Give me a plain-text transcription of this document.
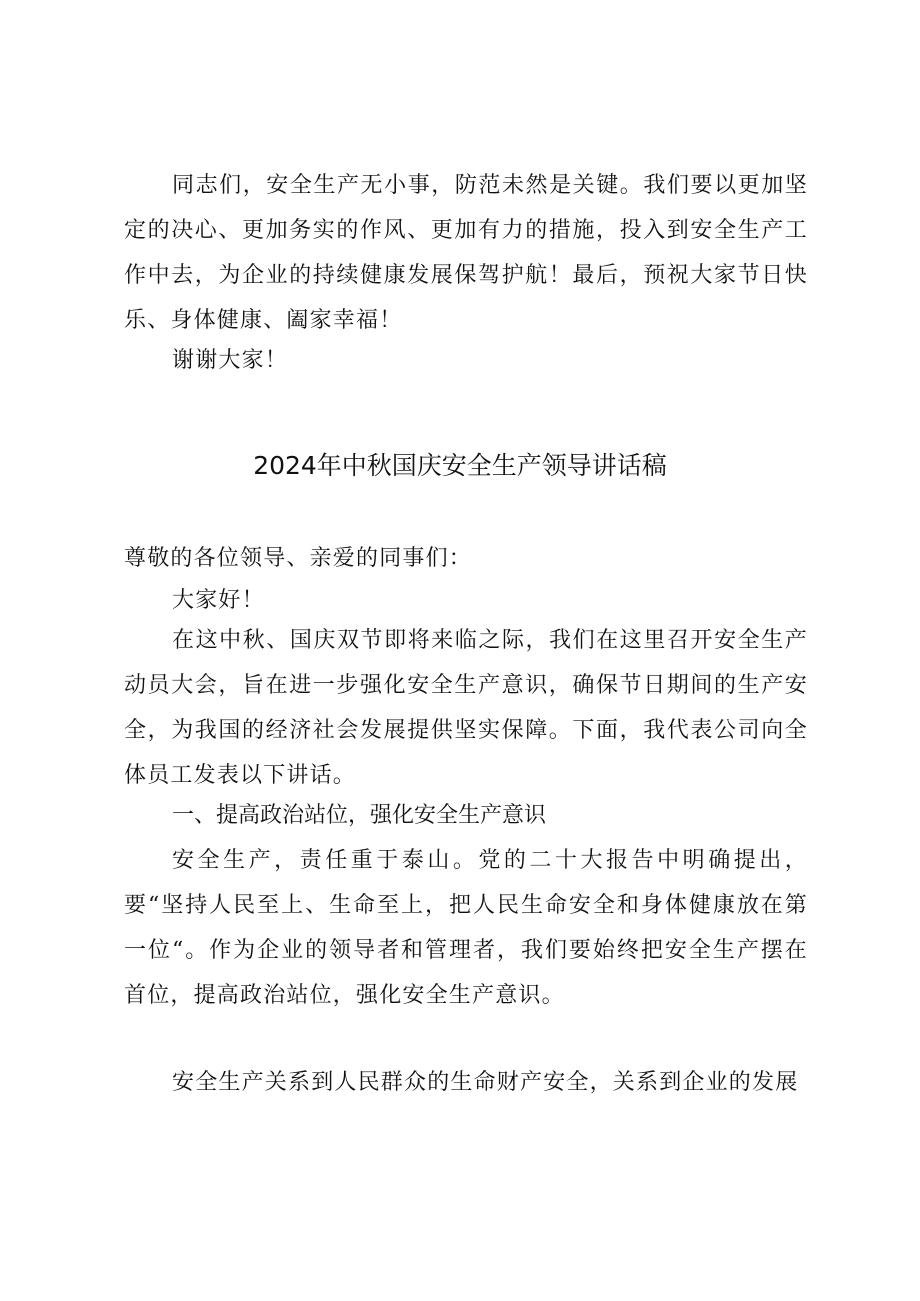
同志们，安全生产无小事，防范未然是关键。我们要以更加坚定的决心、更加务实的作风、更加有力的措施，投入到安全生产工作中去，为企业的持续健康发展保驾护航！最后，预祝大家节日快乐、身体健康、阖家幸福！

谢谢大家！

2024年中秋国庆安全生产领导讲话稿

尊敬的各位领导、亲爱的同事们：

大家好！

在这中秋、国庆双节即将来临之际，我们在这里召开安全生产动员大会，旨在进一步强化安全生产意识，确保节日期间的生产安全，为我国的经济社会发展提供坚实保障。下面，我代表公司向全体员工发表以下讲话。

一、提高政治站位，强化安全生产意识

安全生产，责任重于泰山。党的二十大报告中明确提出，要“坚持人民至上、生命至上，把人民生命安全和身体健康放在第一位“。作为企业的领导者和管理者，我们要始终把安全生产摆在首位，提高政治站位，强化安全生产意识。

安全生产关系到人民群众的生命财产安全，关系到企业的发展
